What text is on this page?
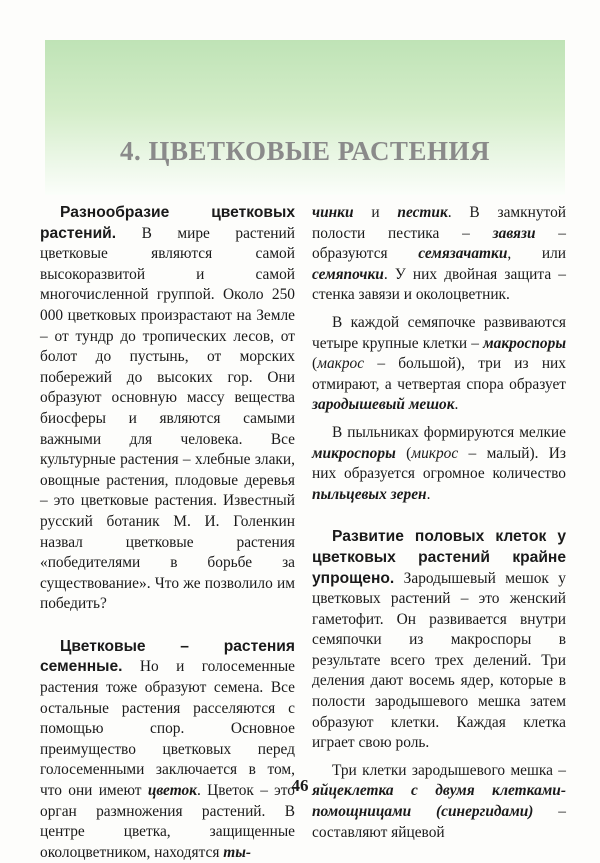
4. ЦВЕТКОВЫЕ РАСТЕНИЯ

Разнообразие цветковых растений. В мире растений цветковые являются самой высокоразвитой и самой многочисленной группой. Около 250 000 цветковых произрастают на Земле – от тундр до тропических лесов, от болот до пустынь, от морских побережий до высоких гор. Они образуют основную массу вещества биосферы и являются самыми важными для человека. Все культурные растения – хлебные злаки, овощные растения, плодовые деревья – это цветковые растения. Известный русский ботаник М. И. Голенкин назвал цветковые растения «победителями в борьбе за существование». Что же позволило им победить?

Цветковые – растения семенные. Но и голосеменные растения тоже образуют семена. Все остальные растения расселяются с помощью спор. Основное преимущество цветковых перед голосеменными заключается в том, что они имеют цветок. Цветок – это орган размножения растений. В центре цветка, защищенные околоцветником, находятся ты-

чинки и пестик. В замкнутой полости пестика – завязи – образуются семязачатки, или семяпочки. У них двойная защита – стенка завязи и околоцветник.

В каждой семяпочке развиваются четыре крупные клетки – макроспоры (макрос – большой), три из них отмирают, а четвертая спора образует зародышевый мешок.

В пыльниках формируются мелкие микроспоры (микрос – малый). Из них образуется огромное количество пыльцевых зерен.

Развитие половых клеток у цветковых растений крайне упрощено. Зародышевый мешок у цветковых растений – это женский гаметофит. Он развивается внутри семяпочки из макроспоры в результате всего трех делений. Три деления дают восемь ядер, которые в полости зародышевого мешка затем образуют клетки. Каждая клетка играет свою роль.

Три клетки зародышевого мешка – яйцеклетка с двумя клетками-помощницами (синергидами) – составляют яйцевой

46
